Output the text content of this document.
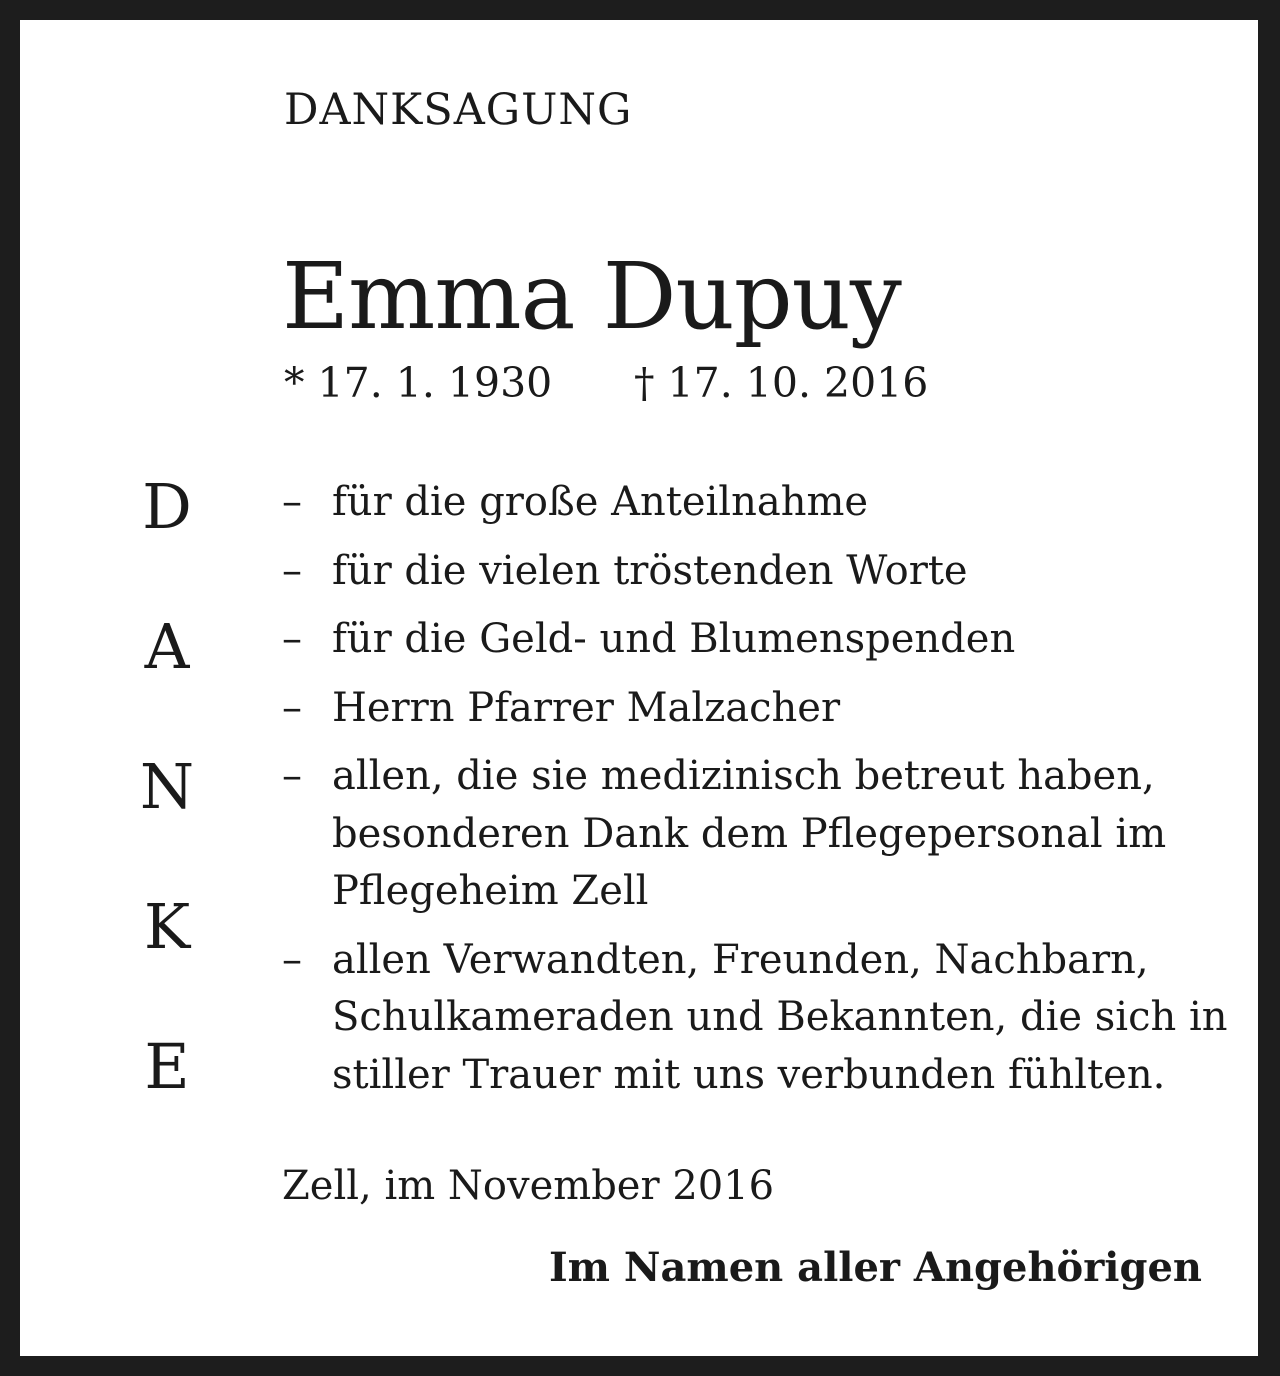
DANKSAGUNG
Emma Dupuy
* 17. 1. 1930 † 17. 10. 2016
D
A
N
K
E
– für die große Anteilnahme
– für die vielen tröstenden Worte
– für die Geld- und Blumenspenden
– Herrn Pfarrer Malzacher
– allen, die sie medizinisch betreut haben,
besonderen Dank dem Pflegepersonal im
Pflegeheim Zell
– allen Verwandten, Freunden, Nachbarn,
Schulkameraden und Bekannten, die sich in
stiller Trauer mit uns verbunden fühlten.
Zell, im November 2016
Im Namen aller Angehörigen
